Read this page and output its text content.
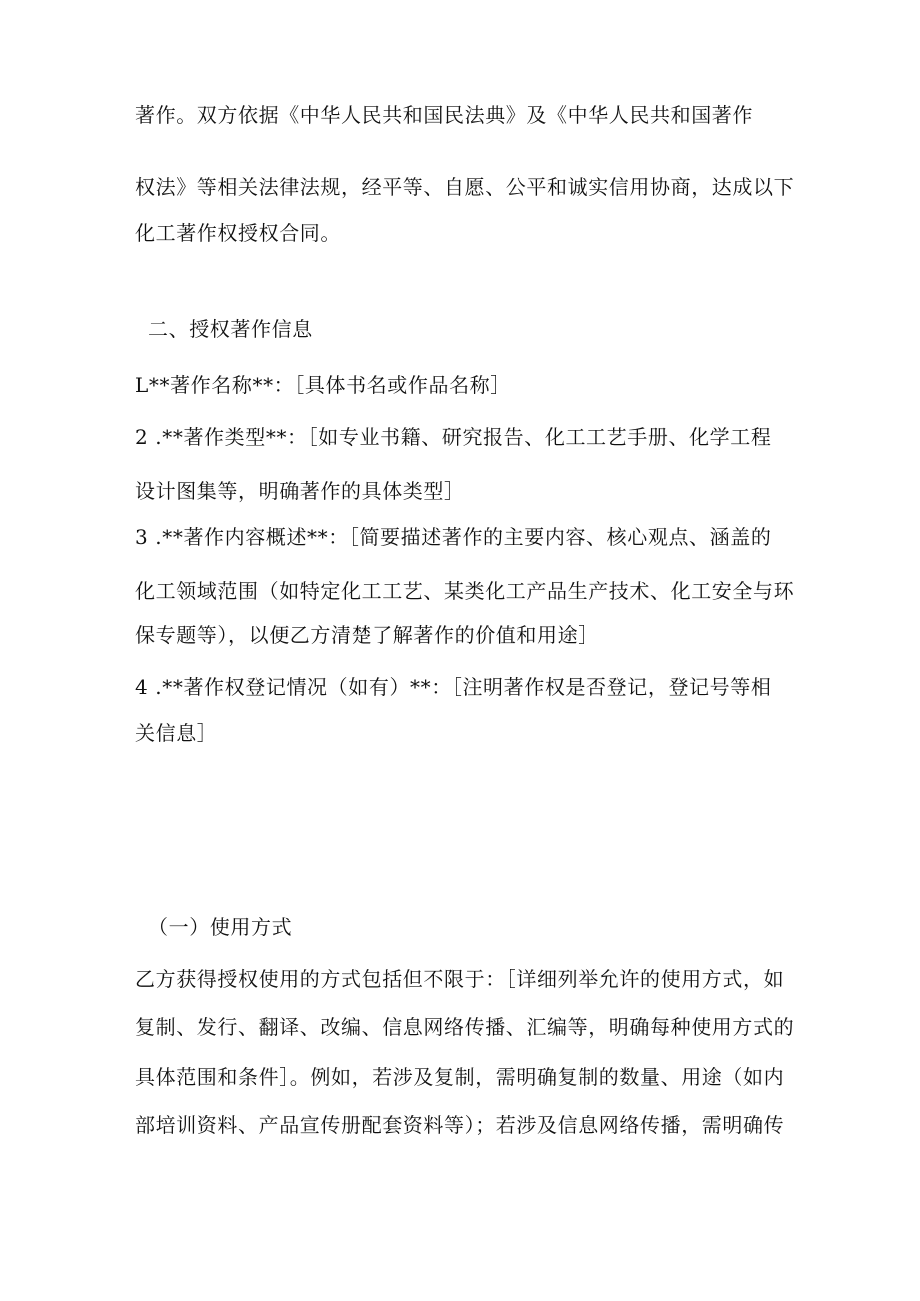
著作。双方依据《中华人民共和国民法典》及《中华人民共和国著作
权法》等相关法律法规，经平等、自愿、公平和诚实信用协商，达成以下
化工著作权授权合同。
二、授权著作信息
L**著作名称**：［具体书名或作品名称］
2 .**著作类型**：［如专业书籍、研究报告、化工工艺手册、化学工程
设计图集等，明确著作的具体类型］
3 .**著作内容概述**：［简要描述著作的主要内容、核心观点、涵盖的
化工领域范围（如特定化工工艺、某类化工产品生产技术、化工安全与环
保专题等），以便乙方清楚了解著作的价值和用途］
4 .**著作权登记情况（如有）**：［注明著作权是否登记，登记号等相
关信息］
（一）使用方式
乙方获得授权使用的方式包括但不限于：［详细列举允许的使用方式，如
复制、发行、翻译、改编、信息网络传播、汇编等，明确每种使用方式的
具体范围和条件］。例如，若涉及复制，需明确复制的数量、用途（如内
部培训资料、产品宣传册配套资料等）；若涉及信息网络传播，需明确传
